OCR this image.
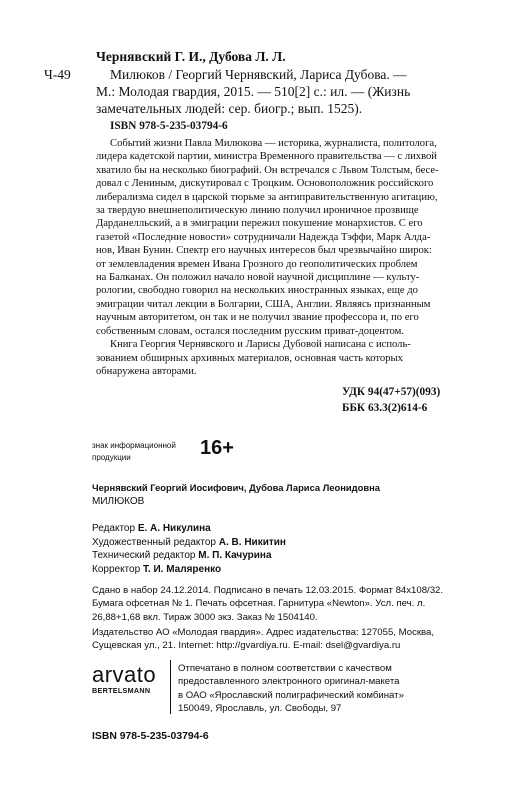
Чернявский Г. И., Дубова Л. Л.
Ч-49	Милюков / Георгий Чернявский, Лариса Дубова. —
М.: Молодая гвардия, 2015. — 510[2] с.: ил. — (Жизнь
замечательных людей: сер. биогр.; вып. 1525).
ISBN 978-5-235-03794-6
Событий жизни Павла Милюкова — историка, журналиста, политолога,
лидера кадетской партии, министра Временного правительства — с лихвой
хватило бы на несколько биографий. Он встречался с Львом Толстым, бесе-
довал с Лениным, дискутировал с Троцким. Основоположник российского
либерализма сидел в царской тюрьме за антиправительственную агитацию,
за твердую внешнеполитическую линию получил ироничное прозвище
Дарданелльский, а в эмиграции пережил покушение монархистов. С его
газетой «Последние новости» сотрудничали Надежда Тэффи, Марк Алда-
нов, Иван Бунин. Спектр его научных интересов был чрезвычайно широк:
от землевладения времен Ивана Грозного до геополитических проблем
на Балканах. Он положил начало новой научной дисциплине — культу-
рологии, свободно говорил на нескольких иностранных языках, еще до
эмиграции читал лекции в Болгарии, США, Англии. Являясь признанным
научным авторитетом, он так и не получил звание профессора и, по его
собственным словам, остался последним русским приват-доцентом.
Книга Георгия Чернявского и Ларисы Дубовой написана с исполь-
зованием обширных архивных материалов, основная часть которых
обнаружена авторами.
УДК 94(47+57)(093)
ББК 63.3(2)614-6
знак информационной
продукции	16+
Чернявский Георгий Иосифович, Дубова Лариса Леонидовна
МИЛЮКОВ
Редактор Е. А. Никулина
Художественный редактор А. В. Никитин
Технический редактор М. П. Качурина
Корректор Т. И. Маляренко
Сдано в набор 24.12.2014. Подписано в печать 12.03.2015. Формат 84x108/32.
Бумага офсетная № 1. Печать офсетная. Гарнитура «Newton». Усл. печ. л.
26,88+1,68 вкл. Тираж 3000 экз. Заказ № 1504140.
Издательство АО «Молодая гвардия». Адрес издательства: 127055, Москва,
Сущевская ул., 21. Internet: http://gvardiya.ru. E-mail: dsel@gvardiya.ru
arvato
BERTELSMANN
Отпечатано в полном соответствии с качеством
предоставленного электронного оригинал-макета
в ОАО «Ярославский полиграфический комбинат»
150049, Ярославль, ул. Свободы, 97
ISBN 978-5-235-03794-6
